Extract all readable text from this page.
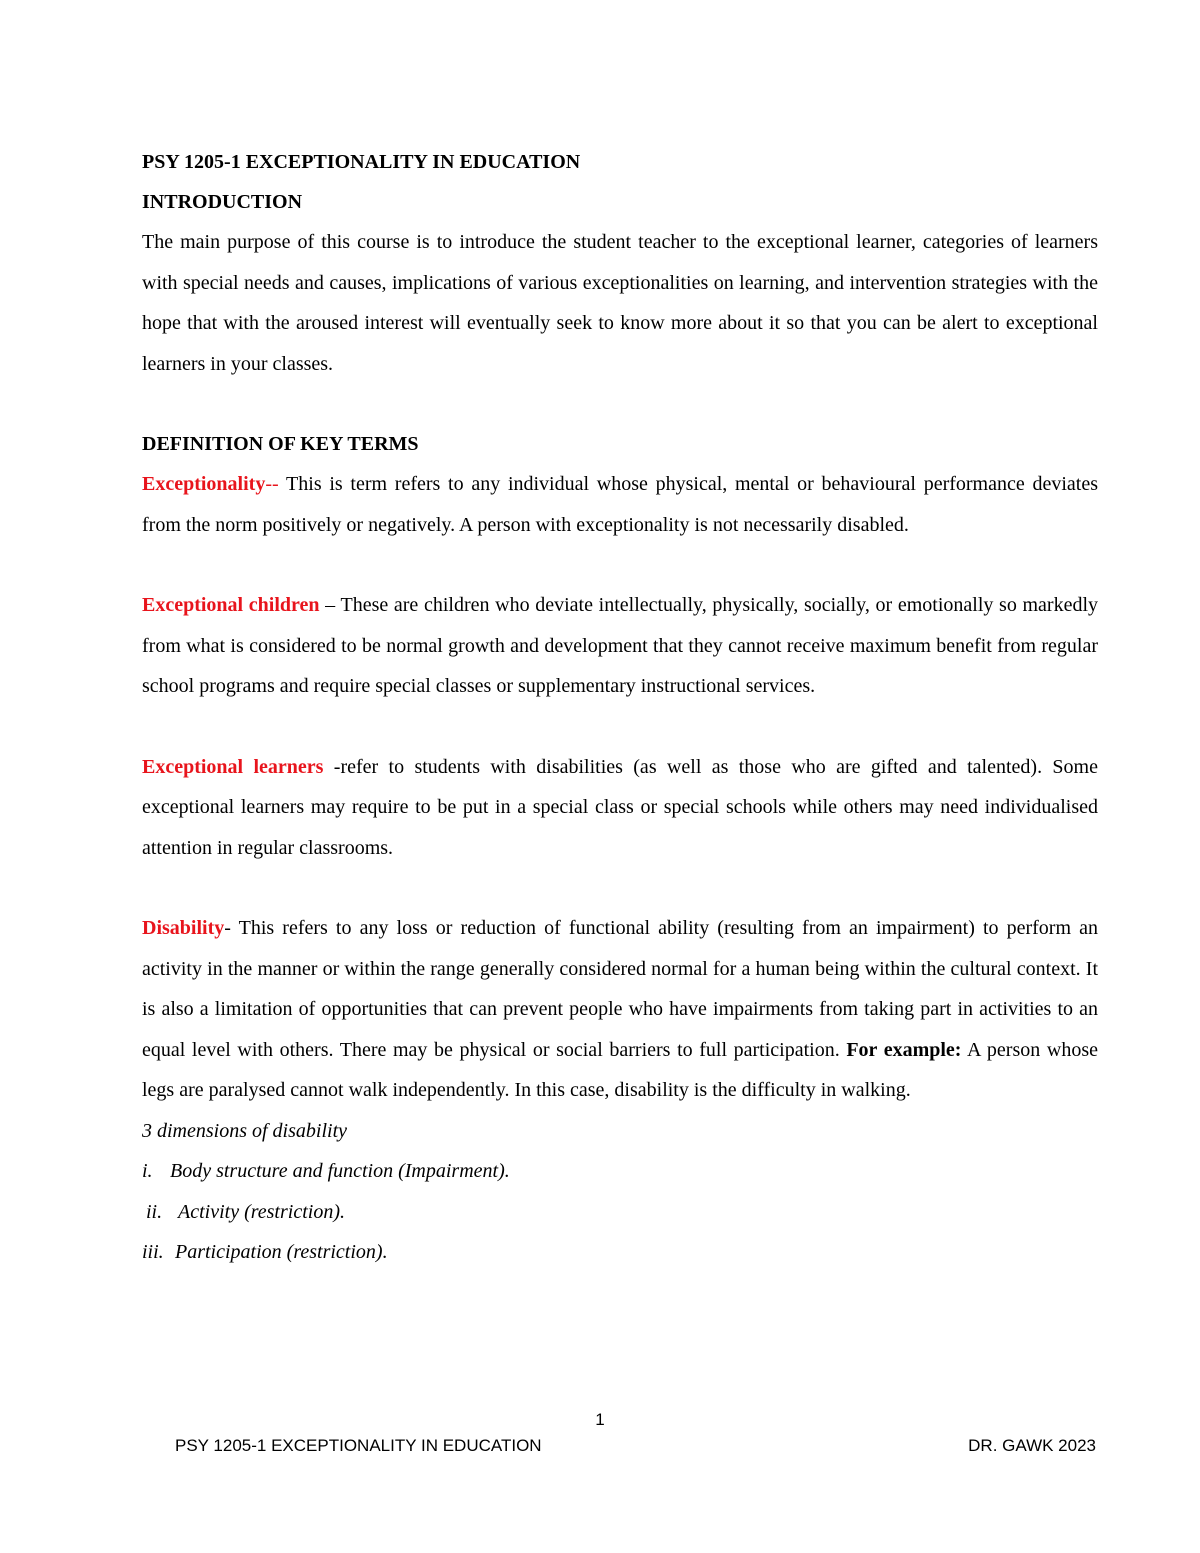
PSY 1205-1 EXCEPTIONALITY IN EDUCATION

INTRODUCTION

The main purpose of this course is to introduce the student teacher to the exceptional learner, categories of learners with special needs and causes, implications of various exceptionalities on learning, and intervention strategies with the hope that with the aroused interest will eventually seek to know more about it so that you can be alert to exceptional learners in your classes.

DEFINITION OF KEY TERMS

Exceptionality-- This is term refers to any individual whose physical, mental or behavioural performance deviates from the norm positively or negatively. A person with exceptionality is not necessarily disabled.

Exceptional children – These are children who deviate intellectually, physically, socially, or emotionally so markedly from what is considered to be normal growth and development that they cannot receive maximum benefit from regular school programs and require special classes or supplementary instructional services.

Exceptional learners -refer to students with disabilities (as well as those who are gifted and talented). Some exceptional learners may require to be put in a special class or special schools while others may need individualised attention in regular classrooms.

Disability- This refers to any loss or reduction of functional ability (resulting from an impairment) to perform an activity in the manner or within the range generally considered normal for a human being within the cultural context. It is also a limitation of opportunities that can prevent people who have impairments from taking part in activities to an equal level with others. There may be physical or social barriers to full participation. For example: A person whose legs are paralysed cannot walk independently. In this case, disability is the difficulty in walking.

3 dimensions of disability

i. Body structure and function (Impairment).

ii. Activity (restriction).

iii. Participation (restriction).

1
PSY 1205-1 EXCEPTIONALITY IN EDUCATION	DR. GAWK 2023
